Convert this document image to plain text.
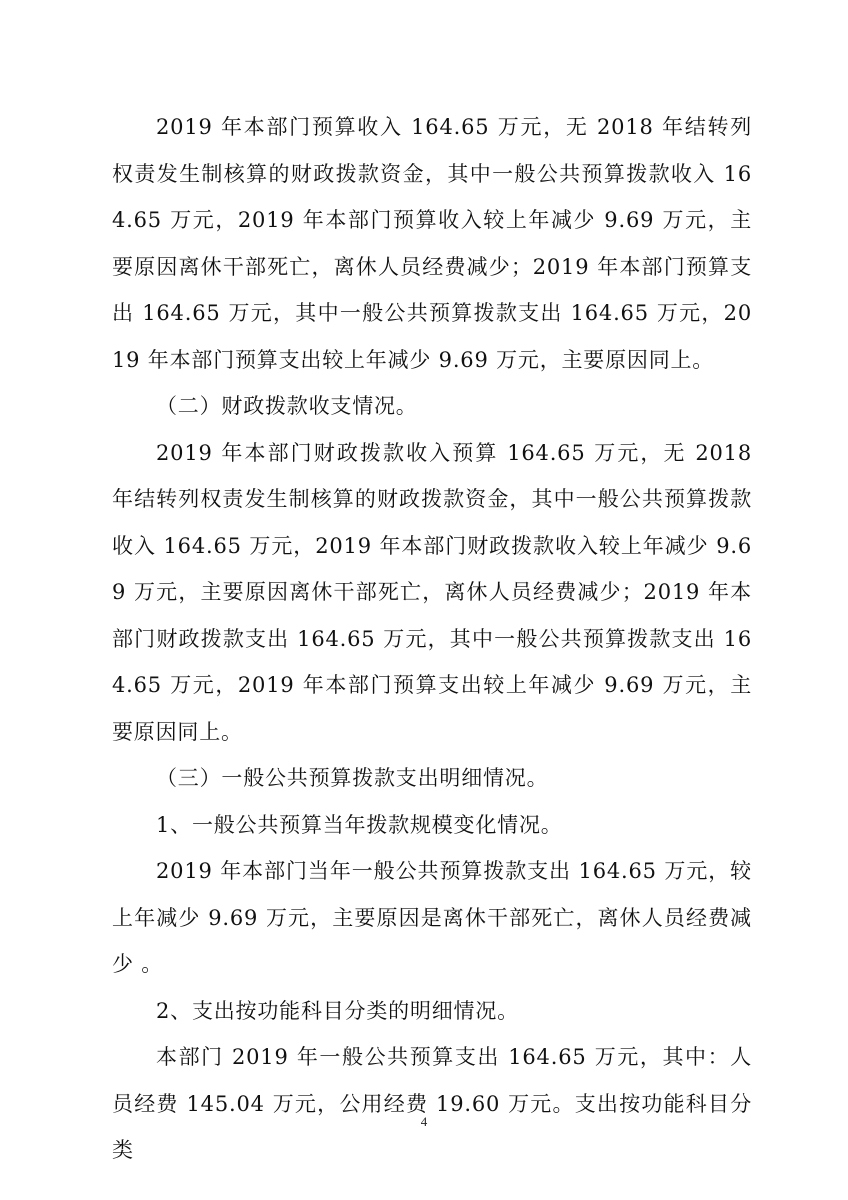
2019 年本部门预算收入 164.65 万元，无 2018 年结转列权责发生制核算的财政拨款资金，其中一般公共预算拨款收入 164.65 万元，2019 年本部门预算收入较上年减少 9.69 万元，主要原因离休干部死亡，离休人员经费减少；2019 年本部门预算支出 164.65 万元，其中一般公共预算拨款支出 164.65 万元，2019 年本部门预算支出较上年减少 9.69 万元，主要原因同上。

（二）财政拨款收支情况。

2019 年本部门财政拨款收入预算 164.65 万元，无 2018 年结转列权责发生制核算的财政拨款资金，其中一般公共预算拨款收入 164.65 万元，2019 年本部门财政拨款收入较上年减少 9.69 万元，主要原因离休干部死亡，离休人员经费减少；2019 年本部门财政拨款支出 164.65 万元，其中一般公共预算拨款支出 164.65 万元，2019 年本部门预算支出较上年减少 9.69 万元，主要原因同上。

（三）一般公共预算拨款支出明细情况。

1、一般公共预算当年拨款规模变化情况。

2019 年本部门当年一般公共预算拨款支出 164.65 万元，较上年减少 9.69 万元，主要原因是离休干部死亡，离休人员经费减少 。

2、支出按功能科目分类的明细情况。

本部门 2019 年一般公共预算支出 164.65 万元，其中：人员经费 145.04 万元，公用经费 19.60 万元。支出按功能科目分类

4
